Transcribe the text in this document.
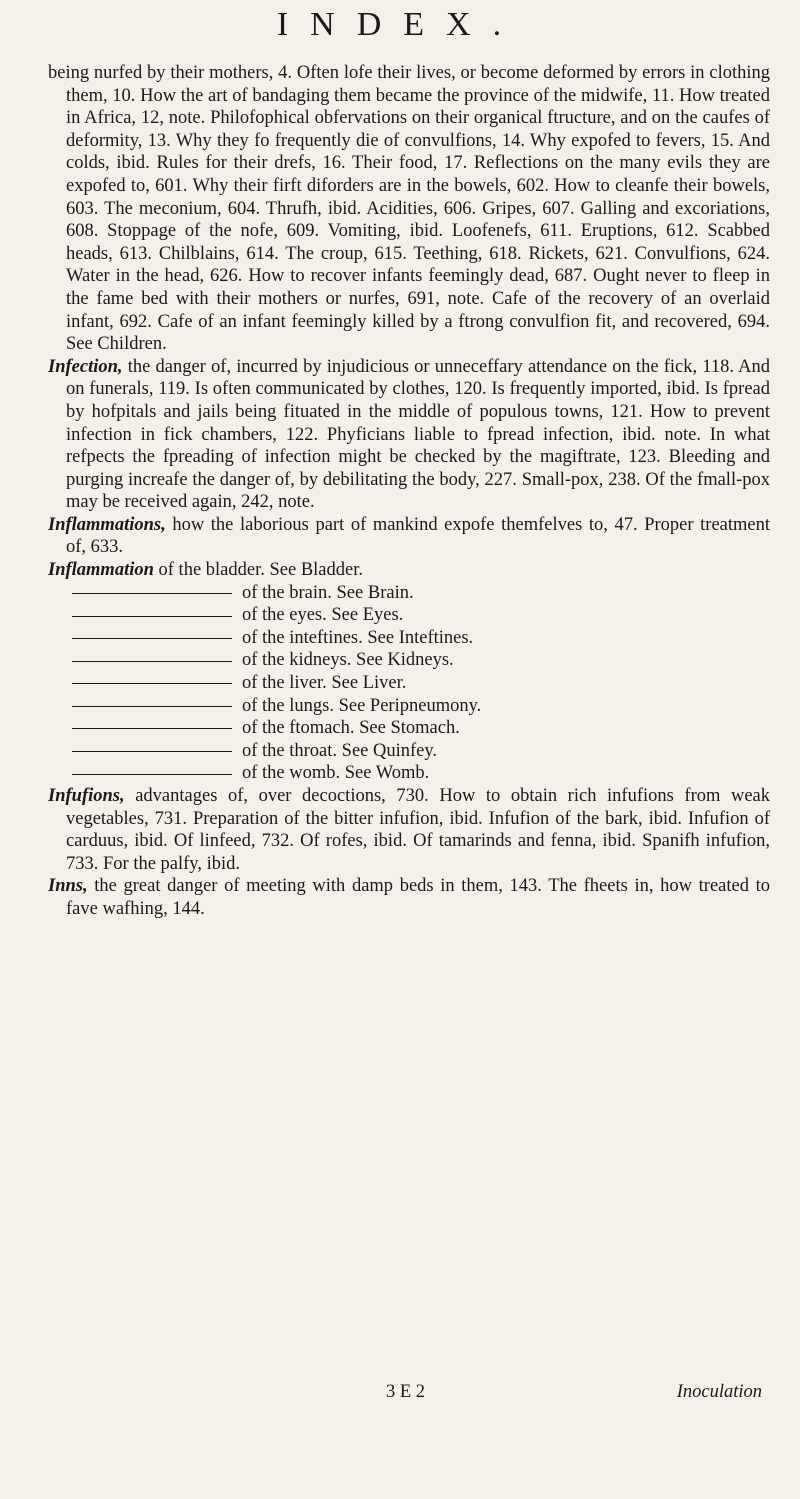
INDEX.

being nurfed by their mothers, 4. Often lofe their lives, or become deformed by errors in clothing them, 10. How the art of bandaging them became the province of the midwife, 11. How treated in Africa, 12, note. Philofophical obfervations on their organical ftructure, and on the caufes of deformity, 13. Why they fo frequently die of convulfions, 14. Why expofed to fevers, 15. And colds, ibid. Rules for their drefs, 16. Their food, 17. Reflections on the many evils they are expofed to, 601. Why their firft diforders are in the bowels, 602. How to cleanfe their bowels, 603. The meconium, 604. Thrufh, ibid. Acidities, 606. Gripes, 607. Galling and excoriations, 608. Stoppage of the nofe, 609. Vomiting, ibid. Loofenefs, 611. Eruptions, 612. Scabbed heads, 613. Chilblains, 614. The croup, 615. Teething, 618. Rickets, 621. Convulfions, 624. Water in the head, 626. How to recover infants feemingly dead, 687. Ought never to fleep in the fame bed with their mothers or nurfes, 691, note. Cafe of the recovery of an overlaid infant, 692. Cafe of an infant feemingly killed by a ftrong convulfion fit, and recovered, 694. See Children.

Infection, the danger of, incurred by injudicious or unneceffary attendance on the fick, 118. And on funerals, 119. Is often communicated by clothes, 120. Is frequently imported, ibid. Is fpread by hofpitals and jails being fituated in the middle of populous towns, 121. How to prevent infection in fick chambers, 122. Phyficians liable to fpread infection, ibid. note. In what refpects the fpreading of infection might be checked by the magiftrate, 123. Bleeding and purging increafe the danger of, by debilitating the body, 227. Small-pox, 238. Of the fmall-pox may be received again, 242, note.

Inflammations, how the laborious part of mankind expofe themfelves to, 47. Proper treatment of, 633.

Inflammation of the bladder. See Bladder.

of the brain. See Brain.

of the eyes. See Eyes.

of the inteftines. See Inteftines.

of the kidneys. See Kidneys.

of the liver. See Liver.

of the lungs. See Peripneumony.

of the ftomach. See Stomach.

of the throat. See Quinfey.

of the womb. See Womb.

Infufions, advantages of, over decoctions, 730. How to obtain rich infufions from weak vegetables, 731. Preparation of the bitter infufion, ibid. Infufion of the bark, ibid. Infufion of carduus, ibid. Of linfeed, 732. Of rofes, ibid. Of tamarinds and fenna, ibid. Spanifh infufion, 733. For the palfy, ibid.

Inns, the great danger of meeting with damp beds in them, 143. The fheets in, how treated to fave wafhing, 144.

3 E 2	Inoculation
